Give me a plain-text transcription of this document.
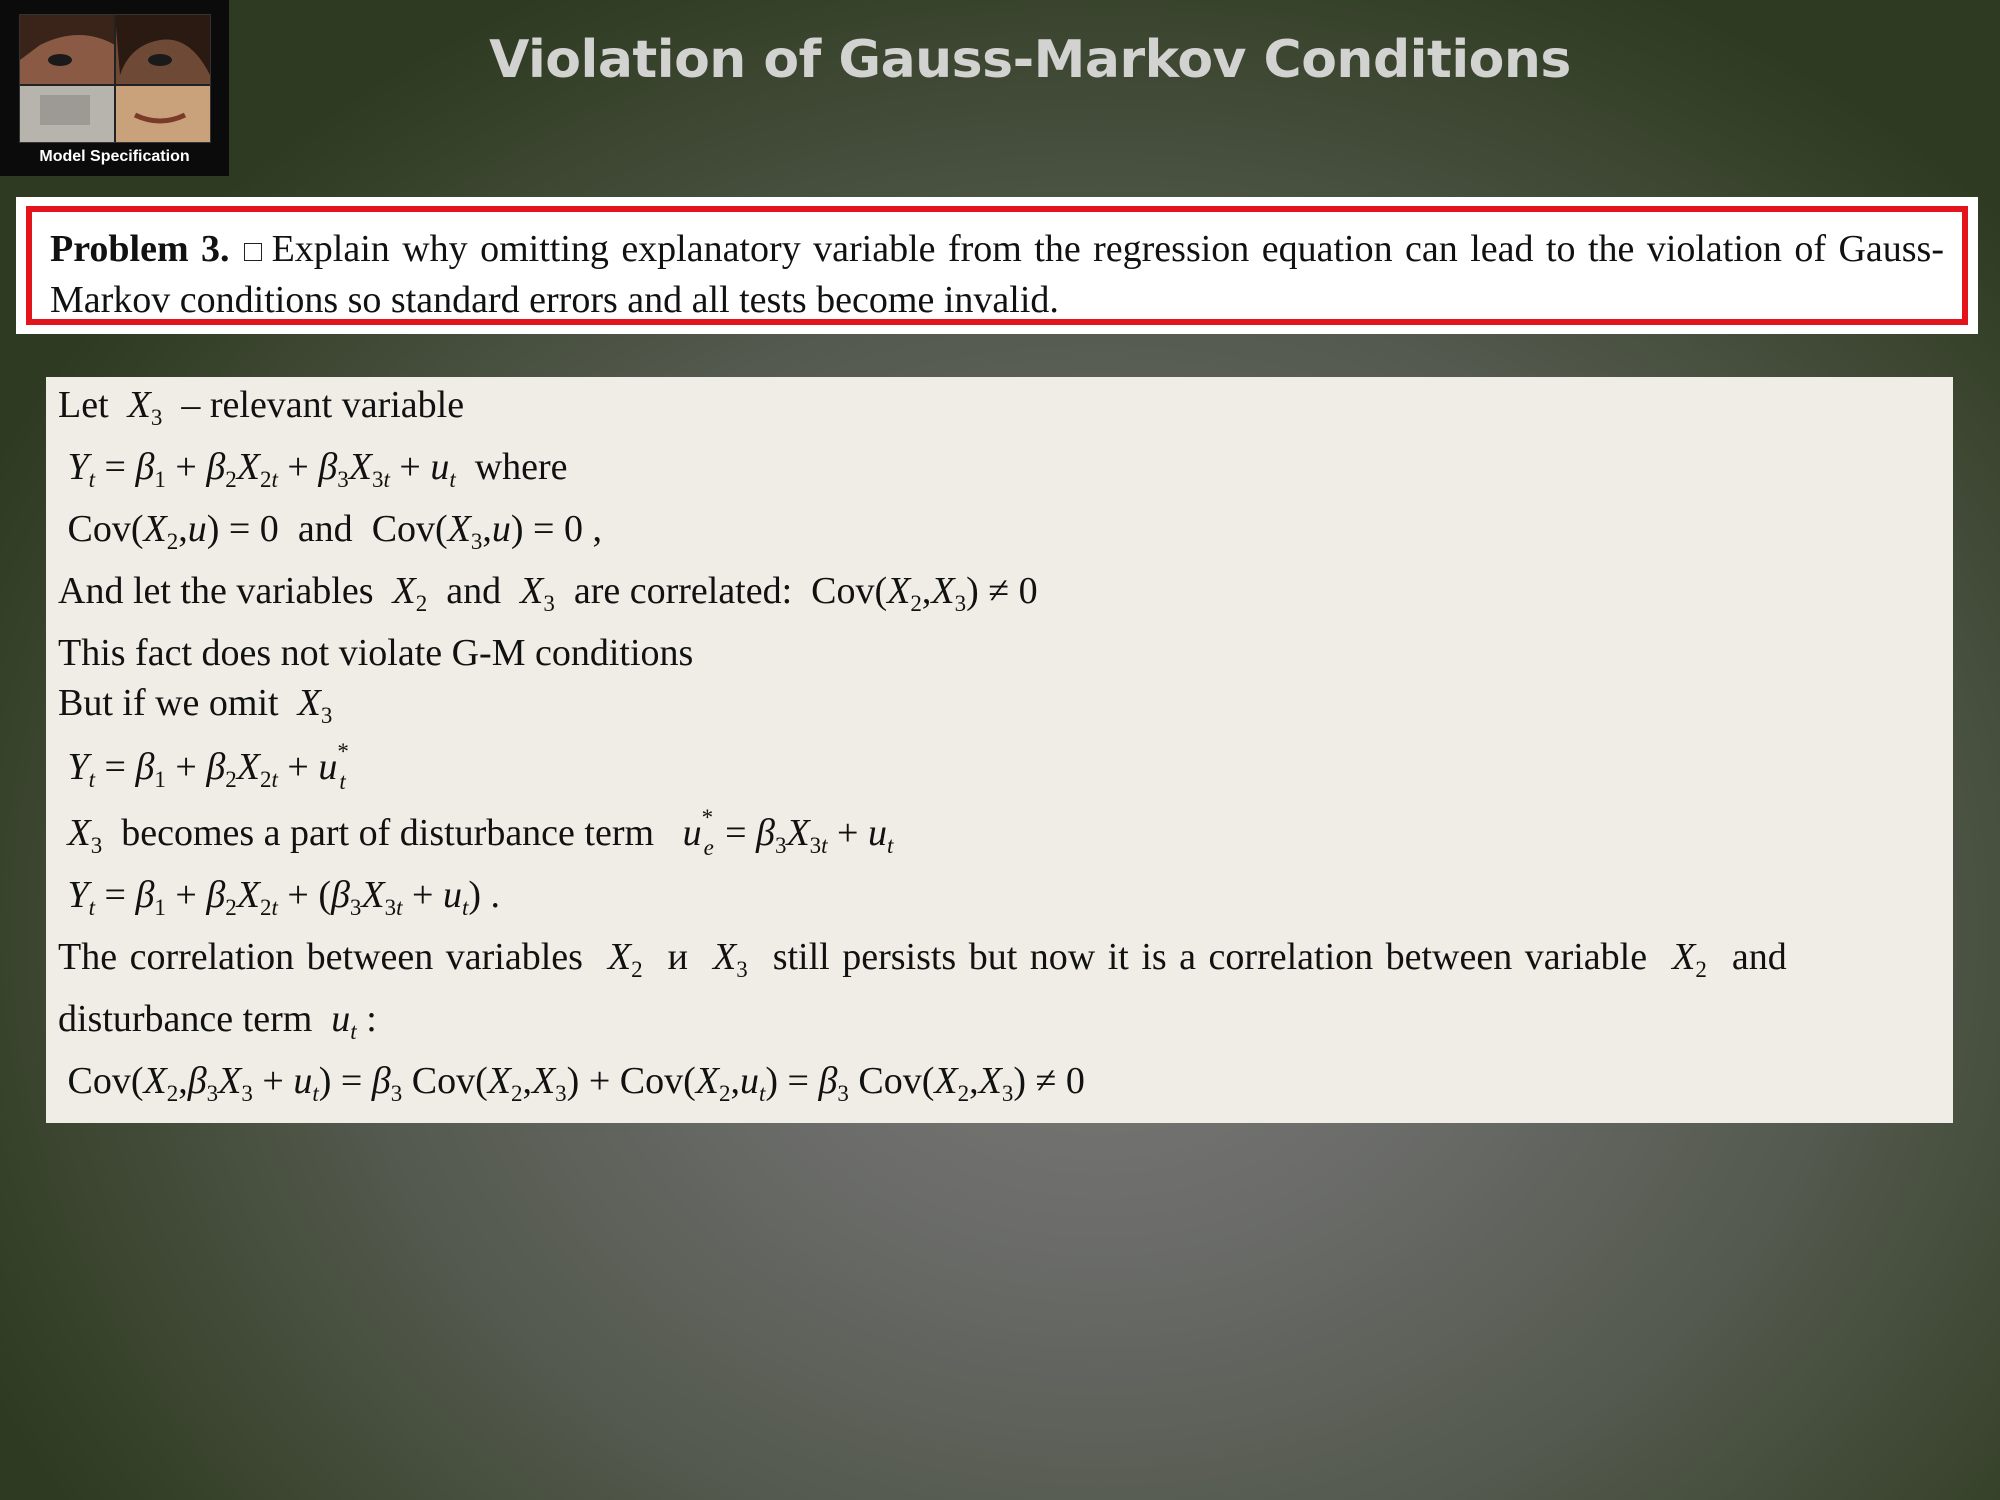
Model Specification
Violation of Gauss-Markov Conditions
Problem 3. Explain why omitting explanatory variable from the regression equation can lead to the violation of Gauss-Markov conditions so standard errors and all tests become invalid.
Let $X_3$ – relevant variable
$Y_t = \beta_1 + \beta_2X_{2t} + \beta_3X_{3t} + u_t$ where
$Cov(X_2,u) = 0$  and  $Cov(X_3,u) = 0$ ,
And let the variables $X_2$ and $X_3$ are correlated:  $Cov(X_2,X_3) \ne 0$
This fact does not violate G-M conditions
But if we omit $X_3$
$Y_t = \beta_1 + \beta_2X_{2t} + u$ *
t
$X_3$ becomes a part of disturbance term u *
$e = \beta_3X_{3t} + u_t$
$Y_t = \beta_1 + \beta_2X_{2t} + (\beta_3X_{3t} + u_t)$ .
The correlation between variables $X_2$ и $X_3$ still persists but now it is a correlation between variable $X_2$ and
disturbance term $u_t$ :
$Cov(X_2,\beta_3X_3 + u_t) = \beta_3$ $Cov(X_2,X_3) + Cov(X_2,u_t) = \beta_3$ $Cov(X_2,X_3) \ne 0$
